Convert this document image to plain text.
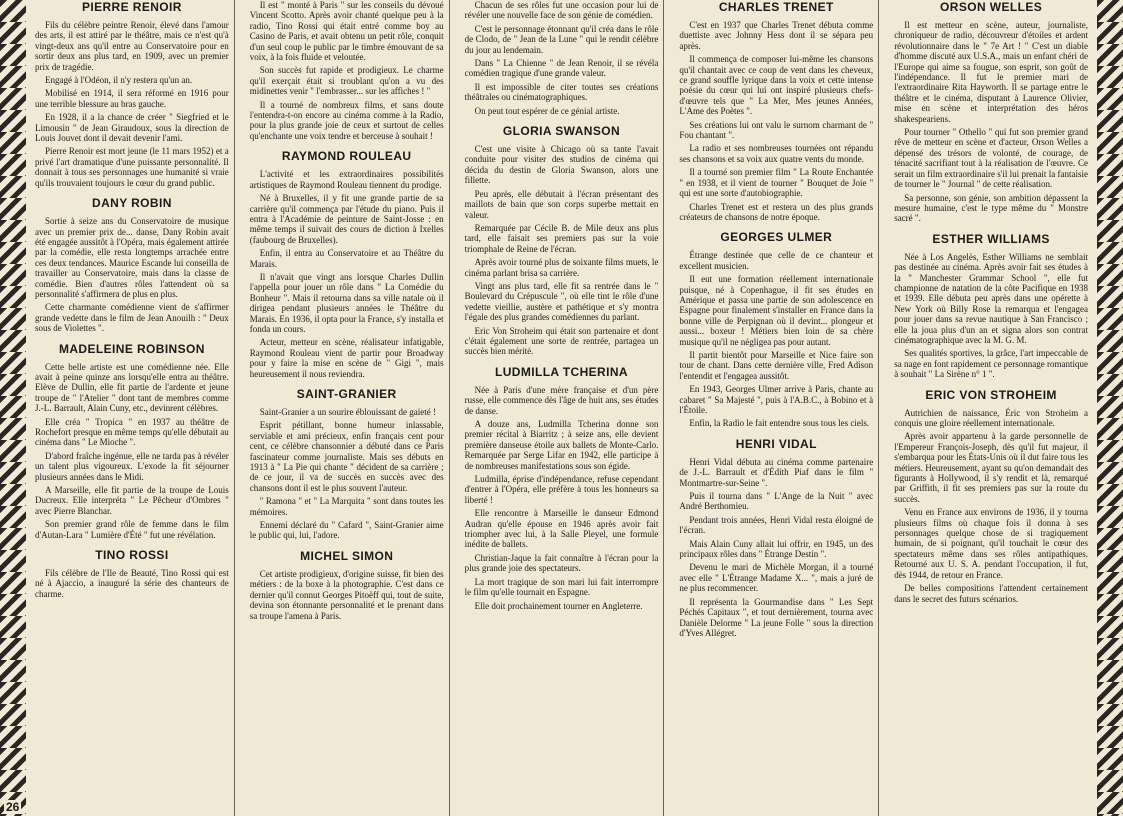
PIERRE RENOIR

Fils du célèbre peintre Renoir, élevé dans l'amour des arts, il est attiré par le théâtre, mais ce n'est qu'à vingt-deux ans qu'il entre au Conservatoire pour en sortir deux ans plus tard, en 1909, avec un premier prix de tragédie.

Engagé à l'Odéon, il n'y restera qu'un an.

Mobilisé en 1914, il sera réformé en 1916 pour une terrible blessure au bras gauche.

En 1928, il a la chance de créer " Siegfried et le Limousin " de Jean Giraudoux, sous la direction de Louis Jouvet dont il devait devenir l'ami.

Pierre Renoir est mort jeune (le 11 mars 1952) et a privé l'art dramatique d'une puissante personnalité. Il donnait à tous ses personnages une humanité si vraie qu'ils trouvaient toujours le cœur du grand public.

DANY ROBIN

Sortie à seize ans du Conservatoire de musique avec un premier prix de... danse, Dany Robin avait été engagée aussitôt à l'Opéra, mais également attirée par la comédie, elle resta longtemps arrachée entre ces deux tendances. Maurice Escande lui conseilla de travailler au Conservatoire, mais dans la classe de comédie. Bien d'autres rôles l'attendent où sa personnalité s'affirmera de plus en plus.

Cette charmante comédienne vient de s'affirmer grande vedette dans le film de Jean Anouilh : " Deux sous de Violettes ".

MADELEINE ROBINSON

Cette belle artiste est une comédienne née. Elle avait à peine quinze ans lorsqu'elle entra au théâtre. Elève de Dullin, elle fit partie de l'ardente et jeune troupe de " l'Atelier " dont tant de membres comme J.-L. Barrault, Alain Cuny, etc., devinrent célèbres.

Elle créa " Tropica " en 1937 au théâtre de Rochefort presque en même temps qu'elle débutait au cinéma dans " Le Mioche ".

D'abord fraîche ingénue, elle ne tarda pas à révéler un talent plus vigoureux. L'exode la fit séjourner plusieurs années dans le Midi.

A Marseille, elle fit partie de la troupe de Louis Ducreux. Elle interpréta " Le Pêcheur d'Ombres " avec Pierre Blanchar.

Son premier grand rôle de femme dans le film d'Autan-Lara " Lumière d'Été " fut une révélation.

TINO ROSSI

Fils célèbre de l'Ile de Beauté, Tino Rossi qui est né à Ajaccio, a inauguré la série des chanteurs de charme.

Il est " monté à Paris " sur les conseils du dévoué Vincent Scotto. Après avoir chanté quelque peu à la radio, Tino Rossi qui était entré comme boy au Casino de Paris, et avait obtenu un petit rôle, conquit d'un seul coup le public par le timbre émouvant de sa voix, à la fois fluide et veloutée.

Son succès fut rapide et prodigieux. Le charme qu'il exerçait était si troublant qu'on a vu des midinettes venir " l'embrasser... sur les affiches ! "

Il a tourné de nombreux films, et sans doute l'entendra-t-on encore au cinéma comme à la Radio, pour la plus grande joie de ceux et surtout de celles qu'enchante une voix tendre et berceuse à souhait !

RAYMOND ROULEAU

L'activité et les extraordinaires possibilités artistiques de Raymond Rouleau tiennent du prodige.

Né à Bruxelles, il y fit une grande partie de sa carrière qu'il commença par l'étude du piano. Puis il entra à l'Académie de peinture de Saint-Josse : en même temps il suivait des cours de diction à Ixelles (faubourg de Bruxelles).

Enfin, il entra au Conservatoire et au Théâtre du Marais.

Il n'avait que vingt ans lorsque Charles Dullin l'appella pour jouer un rôle dans " La Comédie du Bonheur ". Mais il retourna dans sa ville natale où il dirigea pendant plusieurs années le Théâtre du Marais. En 1936, il opta pour la France, s'y installa et fonda un cours.

Acteur, metteur en scène, réalisateur infatigable, Raymond Rouleau vient de partir pour Broadway pour y faire la mise en scène de " Gigi ", mais heureusement il nous reviendra.

SAINT-GRANIER

Saint-Granier a un sourire éblouissant de gaieté !

Esprit pétillant, bonne humeur inlassable, serviable et ami précieux, enfin français cent pour cent, ce célèbre chansonnier a débuté dans ce Paris fascinateur comme journaliste. Mais ses débuts en 1913 à " La Pie qui chante " décident de sa carrière ; de ce jour, il va de succès en succès avec des chansons dont il est le plus souvent l'auteur.

" Ramona " et " La Marquita " sont dans toutes les mémoires.

Ennemi déclaré du " Cafard ", Saint-Granier aime le public qui, lui, l'adore.

MICHEL SIMON

Cet artiste prodigieux, d'origine suisse, fit bien des métiers : de la boxe à la photographie. C'est dans ce dernier qu'il connut Georges Pitoëff qui, tout de suite, devina son étonnante personnalité et le prenant dans sa troupe l'amena à Paris.

Chacun de ses rôles fut une occasion pour lui de révéler une nouvelle face de son génie de comédien.

C'est le personnage étonnant qu'il créa dans le rôle de Clodo, de " Jean de la Lune " qui le rendit célèbre du jour au lendemain.

Dans " La Chienne " de Jean Renoir, il se révéla comédien tragique d'une grande valeur.

Il est impossible de citer toutes ses créations théâtrales ou cinématographiques.

On peut tout espérer de ce génial artiste.

GLORIA SWANSON

C'est une visite à Chicago où sa tante l'avait conduite pour visiter des studios de cinéma qui décida du destin de Gloria Swanson, alors une fillette.

Peu après, elle débutait à l'écran présentant des maillots de bain que son corps superbe mettait en valeur.

Remarquée par Cécile B. de Mile deux ans plus tard, elle faisait ses premiers pas sur la voie triomphale de Reine de l'écran.

Après avoir tourné plus de soixante films muets, le cinéma parlant brisa sa carrière.

Vingt ans plus tard, elle fit sa rentrée dans le " Boulevard du Crépuscule ", où elle tint le rôle d'une vedette vieillie, austère et pathétique et s'y montra l'égale des plus grandes comédiennes du parlant.

Eric Von Stroheim qui était son partenaire et dont c'était également une sorte de rentrée, partagea un succès bien mérité.

LUDMILLA TCHERINA

Née à Paris d'une mère française et d'un père russe, elle commence dès l'âge de huit ans, ses études de danse.

A douze ans, Ludmilla Tcherina donne son premier récital à Biarritz ; à seize ans, elle devient première danseuse étoile aux ballets de Monte-Carlo. Remarquée par Serge Lifar en 1942, elle participe à de nombreuses manifestations sous son égide.

Ludmilla, éprise d'indépendance, refuse cependant d'entrer à l'Opéra, elle préfère à tous les honneurs sa liberté !

Elle rencontre à Marseille le danseur Edmond Audran qu'elle épouse en 1946 après avoir fait triompher avec lui, à la Salle Pleyel, une formule inédite de ballets.

Christian-Jaque la fait connaître à l'écran pour la plus grande joie des spectateurs.

La mort tragique de son mari lui fait interrompre le film qu'elle tournait en Espagne.

Elle doit prochainement tourner en Angleterre.

CHARLES TRENET

C'est en 1937 que Charles Trenet débuta comme duettiste avec Johnny Hess dont il se sépara peu après.

Il commença de composer lui-même les chansons qu'il chantait avec ce coup de vent dans les cheveux, ce grand souffle lyrique dans la voix et cette intense poésie du cœur qui lui ont inspiré plusieurs chefs-d'œuvre tels que " La Mer, Mes jeunes Années, L'Ame des Poètes ".

Ses créations lui ont valu le surnom charmant de " Fou chantant ".

La radio et ses nombreuses tournées ont répandu ses chansons et sa voix aux quatre vents du monde.

Il a tourné son premier film " La Route Enchantée " en 1938, et il vient de tourner " Bouquet de Joie " qui est une sorte d'autobiographie.

Charles Trenet est et restera un des plus grands créateurs de chansons de notre époque.

GEORGES ULMER

Étrange destinée que celle de ce chanteur et excellent musicien.

Il eut une formation réellement internationale puisque, né à Copenhague, il fit ses études en Amérique et passa une partie de son adolescence en Espagne pour finalement s'installer en France dans la bonne ville de Perpignan où il devint... plongeur et aussi... boxeur ! Métiers bien loin de sa chère musique qu'il ne négligea pas pour autant.

Il partit bientôt pour Marseille et Nice faire son tour de chant. Dans cette dernière ville, Fred Adison l'entendit et l'engagea aussitôt.

En 1943, Georges Ulmer arrive à Paris, chante au cabaret " Sa Majesté ", puis à l'A.B.C., à Bobino et à l'Étoile.

Enfin, la Radio le fait entendre sous tous les ciels.

HENRI VIDAL

Henri Vidal débuta au cinéma comme partenaire de J.-L. Barrault et d'Édith Piaf dans le film " Montmartre-sur-Seine ".

Puis il tourna dans " L'Ange de la Nuit " avec André Berthomieu.

Pendant trois années, Henri Vidal resta éloigné de l'écran.

Mais Alain Cuny allait lui offrir, en 1945, un des principaux rôles dans " Étrange Destin ".

Devenu le mari de Michèle Morgan, il a tourné avec elle " L'Étrange Madame X... ", mais a juré de ne plus recommencer.

Il représenta la Gourmandise dans " Les Sept Péchés Capitaux ", et tout dernièrement, tourna avec Danièle Delorme " La jeune Folle " sous la direction d'Yves Allégret.

ORSON WELLES

Il est metteur en scène, auteur, journaliste, chroniqueur de radio, découvreur d'étoiles et ardent révolutionnaire dans le " 7e Art ! " C'est un diable d'homme discuté aux U.S.A., mais un enfant chéri de l'Europe qui aime sa fougue, son esprit, son goût de l'indépendance. Il fut le premier mari de l'extraordinaire Rita Hayworth. Il se partage entre le théâtre et le cinéma, disputant à Laurence Olivier, mise en scène et interprétation des héros shakespeariens.

Pour tourner " Othello " qui fut son premier grand rêve de metteur en scène et d'acteur, Orson Welles a dépensé des trésors de volonté, de courage, de ténacité sacrifiant tout à la réalisation de l'œuvre. Ce serait un film extraordinaire s'il lui prenait la fantaisie de tourner le " Journal " de cette réalisation.

Sa personne, son génie, son ambition dépassent la mesure humaine, c'est le type même du " Monstre sacré ".

ESTHER WILLIAMS

Née à Los Angelès, Esther Williams ne semblait pas destinée au cinéma. Après avoir fait ses études à la " Manchester Grammar School ", elle fut championne de natation de la côte Pacifique en 1938 et 1939. Elle débuta peu après dans une opérette à New York où Billy Rose la remarqua et l'engagea pour jouer dans sa revue nautique à San Francisco ; elle la joua plus d'un an et signa alors son contrat cinématographique avec la M. G. M.

Ses qualités sportives, la grâce, l'art impeccable de sa nage en font rapidement ce personnage romantique à souhait " La Sirène n° 1 ".

ERIC VON STROHEIM

Autrichien de naissance, Éric von Stroheim a conquis une gloire réellement internationale.

Après avoir appartenu à la garde personnelle de l'Empereur François-Joseph, dès qu'il fut majeur, il s'embarqua pour les États-Unis où il dut faire tous les métiers. Heureusement, ayant su qu'on demandait des figurants à Hollywood, il s'y rendit et là, remarqué par Griffith, il fit ses premiers pas sur la route du succès.

Venu en France aux environs de 1936, il y tourna plusieurs films où chaque fois il donna à ses personnages quelque chose de si tragiquement humain, de si poignant, qu'il touchait le cœur des spectateurs même dans ses rôles antipathiques. Retourné aux U. S. A. pendant l'occupation, il fut, dès 1944, de retour en France.

De belles compositions l'attendent certainement dans le secret des futurs scénarios.

26
